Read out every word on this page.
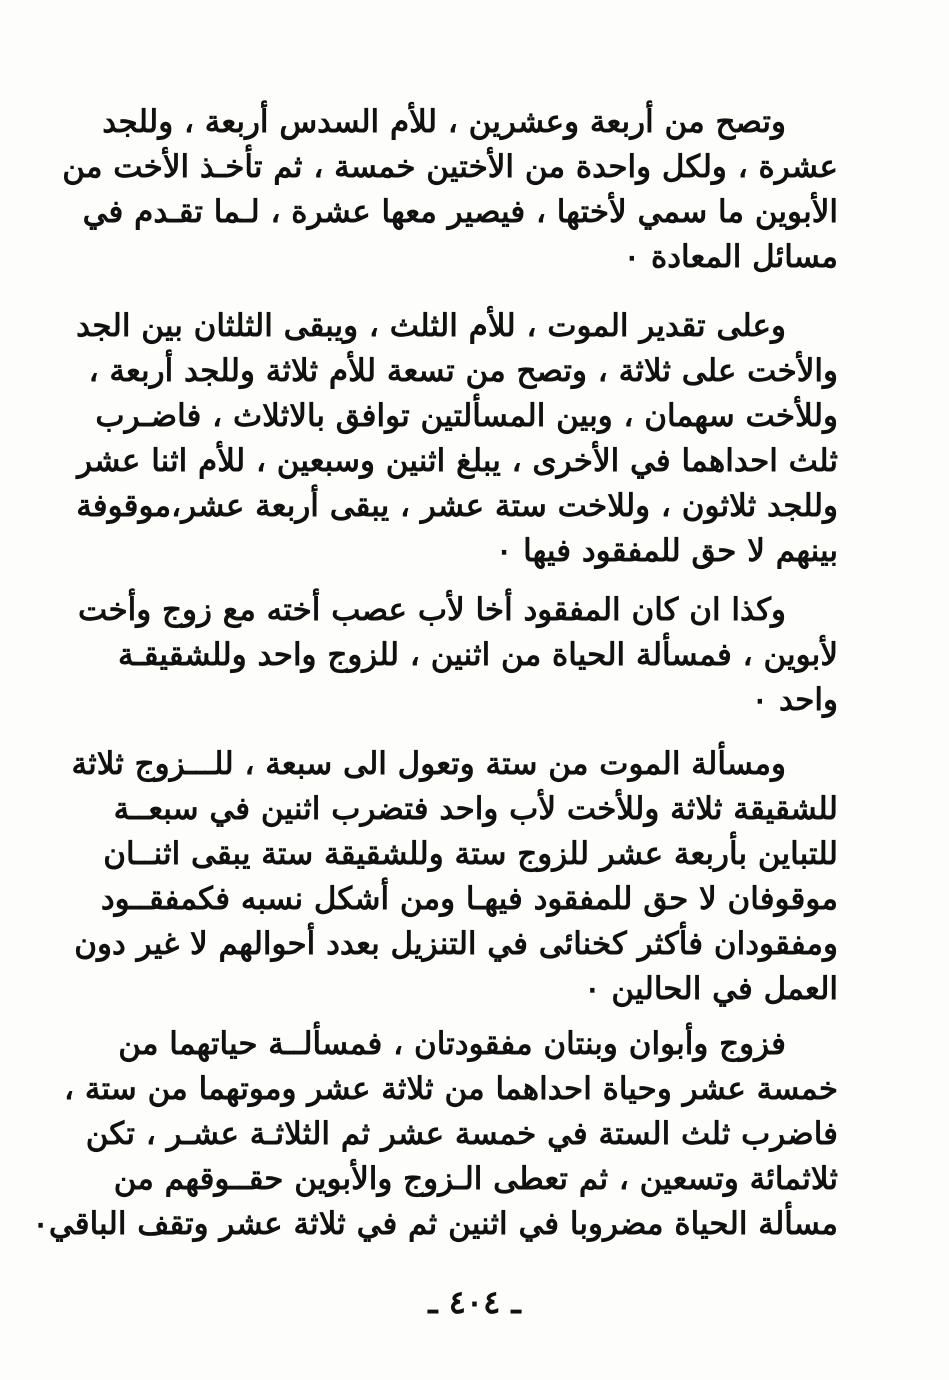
وتصح من أربعة وعشرين ، للأم السدس أربعة ، وللجد
عشرة ، ولكل واحدة من الأختين خمسة ، ثم تأخـذ الأخت من
الأبوين ما سمي لأختها ، فيصير معها عشرة ، لـما تقـدم في
مسائل المعادة ٠
وعلى تقدير الموت ، للأم الثلث ، ويبقى الثلثان بين الجد
والأخت على ثلاثة ، وتصح من تسعة للأم ثلاثة وللجد أربعة ،
وللأخت سهمان ، وبين المسألتين توافق بالاثلاث ، فاضـرب
ثلث احداهما في الأخرى ، يبلغ اثنين وسبعين ، للأم اثنا عشر
وللجد ثلاثون ، وللاخت ستة عشر ، يبقى أربعة عشر،موقوفة
بينهم لا حق للمفقود فيها ٠
وكذا ان كان المفقود أخا لأب عصب أخته مع زوج وأخت
لأبوين ، فمسألة الحياة من اثنين ، للزوج واحد وللشقيقـة
واحد ٠
ومسألة الموت من ستة وتعول الى سبعة ، للـــزوج ثلاثة
للشقيقة ثلاثة وللأخت لأب واحد فتضرب اثنين في سبعــة
للتباين بأربعة عشر للزوج ستة وللشقيقة ستة يبقى اثنــان
موقوفان لا حق للمفقود فيهـا ومن أشكل نسبه فكمفقــود
ومفقودان فأكثر كخنائى في التنزيل بعدد أحوالهم لا غير دون
العمل في الحالين ٠
فزوج وأبوان وبنتان مفقودتان ، فمسألــة حياتهما من
خمسة عشر وحياة احداهما من ثلاثة عشر وموتهما من ستة ،
فاضرب ثلث الستة في خمسة عشر ثم الثلاثـة عشـر ، تكن
ثلاثمائة وتسعين ، ثم تعطى الـزوج والأبوين حقــوقهم من
مسألة الحياة مضروبا في اثنين ثم في ثلاثة عشر وتقف الباقي٠
ـ ٤٠٤ ـ
